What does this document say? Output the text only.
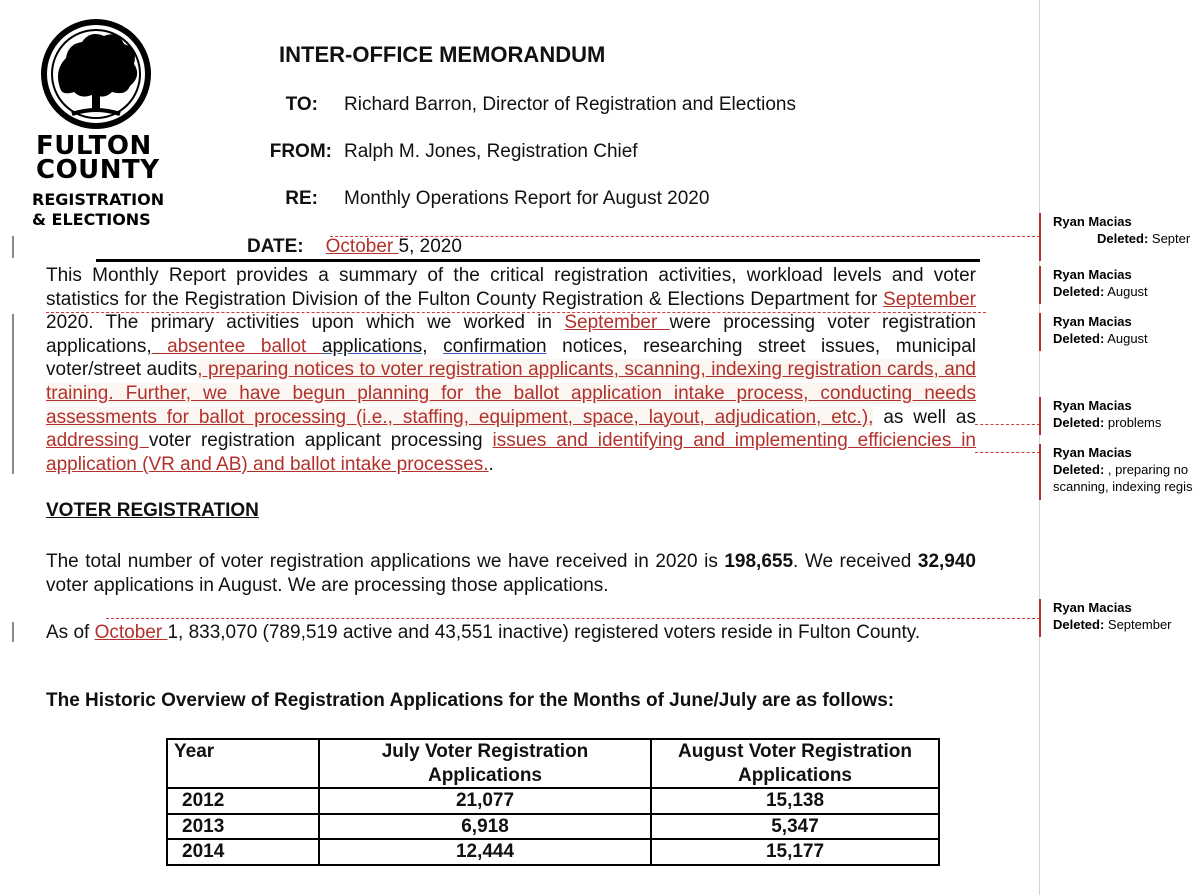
FULTON
COUNTY
REGISTRATION
& ELECTIONS
INTER-OFFICE MEMORANDUM
TO: Richard Barron, Director of Registration and Elections
FROM: Ralph M. Jones, Registration Chief
RE: Monthly Operations Report for August 2020
DATE: October 5, 2020
This Monthly Report provides a summary of the critical registration activities, workload levels and voter statistics for the Registration Division of the Fulton County Registration & Elections Department for September 2020. The primary activities upon which we worked in September were processing voter registration applications, absentee ballot applications, confirmation notices, researching street issues, municipal voter/street audits, preparing notices to voter registration applicants, scanning, indexing registration cards, and training. Further, we have begun planning for the ballot application intake process, conducting needs assessments for ballot processing (i.e., staffing, equipment, space, layout, adjudication, etc.), as well as addressing voter registration applicant processing issues and identifying and implementing efficiencies in application (VR and AB) and ballot intake processes..
VOTER REGISTRATION
The total number of voter registration applications we have received in 2020 is 198,655. We received 32,940 voter applications in August. We are processing those applications.
As of October 1, 833,070 (789,519 active and 43,551 inactive) registered voters reside in Fulton County.
The Historic Overview of Registration Applications for the Months of June/July are as follows:
Year	July Voter Registration Applications	August Voter Registration Applications
2012	21,077	15,138
2013	6,918	5,347
2014	12,444	15,177
Ryan Macias
Deleted: Septer
Ryan Macias
Deleted: August
Ryan Macias
Deleted: August
Ryan Macias
Deleted: problems
Ryan Macias
Deleted: , preparing no
scanning, indexing regis
Ryan Macias
Deleted: September
